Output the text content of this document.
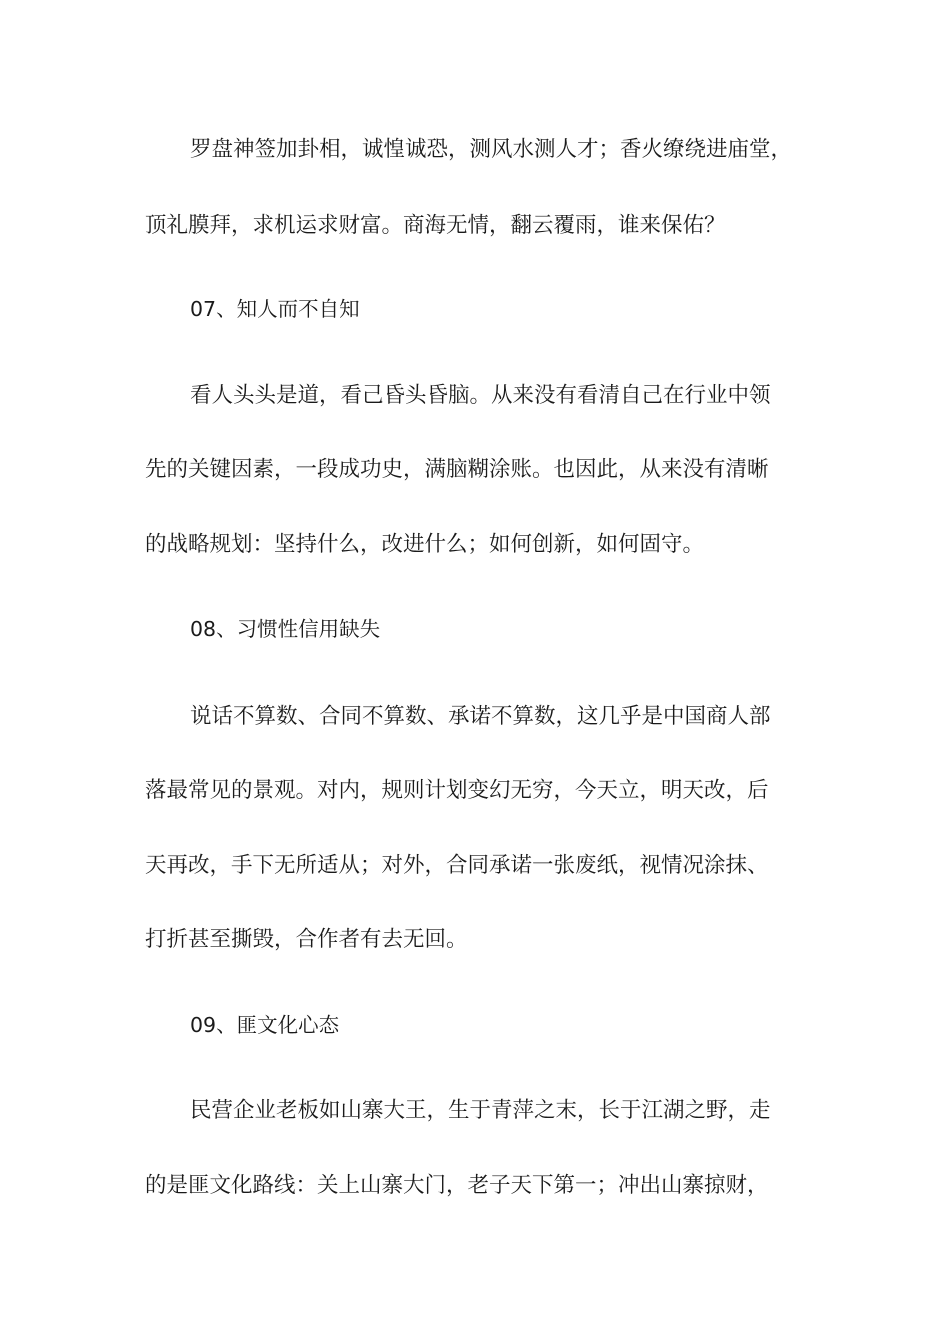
罗盘神签加卦相，诚惶诚恐，测风水测人才；香火缭绕进庙堂，
顶礼膜拜，求机运求财富。商海无情，翻云覆雨，谁来保佑？
07、知人而不自知
看人头头是道，看己昏头昏脑。从来没有看清自己在行业中领
先的关键因素，一段成功史，满脑糊涂账。也因此，从来没有清晰
的战略规划：坚持什么，改进什么；如何创新，如何固守。
08、习惯性信用缺失
说话不算数、合同不算数、承诺不算数，这几乎是中国商人部
落最常见的景观。对内，规则计划变幻无穷，今天立，明天改，后
天再改，手下无所适从；对外，合同承诺一张废纸，视情况涂抹、
打折甚至撕毁，合作者有去无回。
09、匪文化心态
民营企业老板如山寨大王，生于青萍之末，长于江湖之野，走
的是匪文化路线：关上山寨大门，老子天下第一；冲出山寨掠财，
